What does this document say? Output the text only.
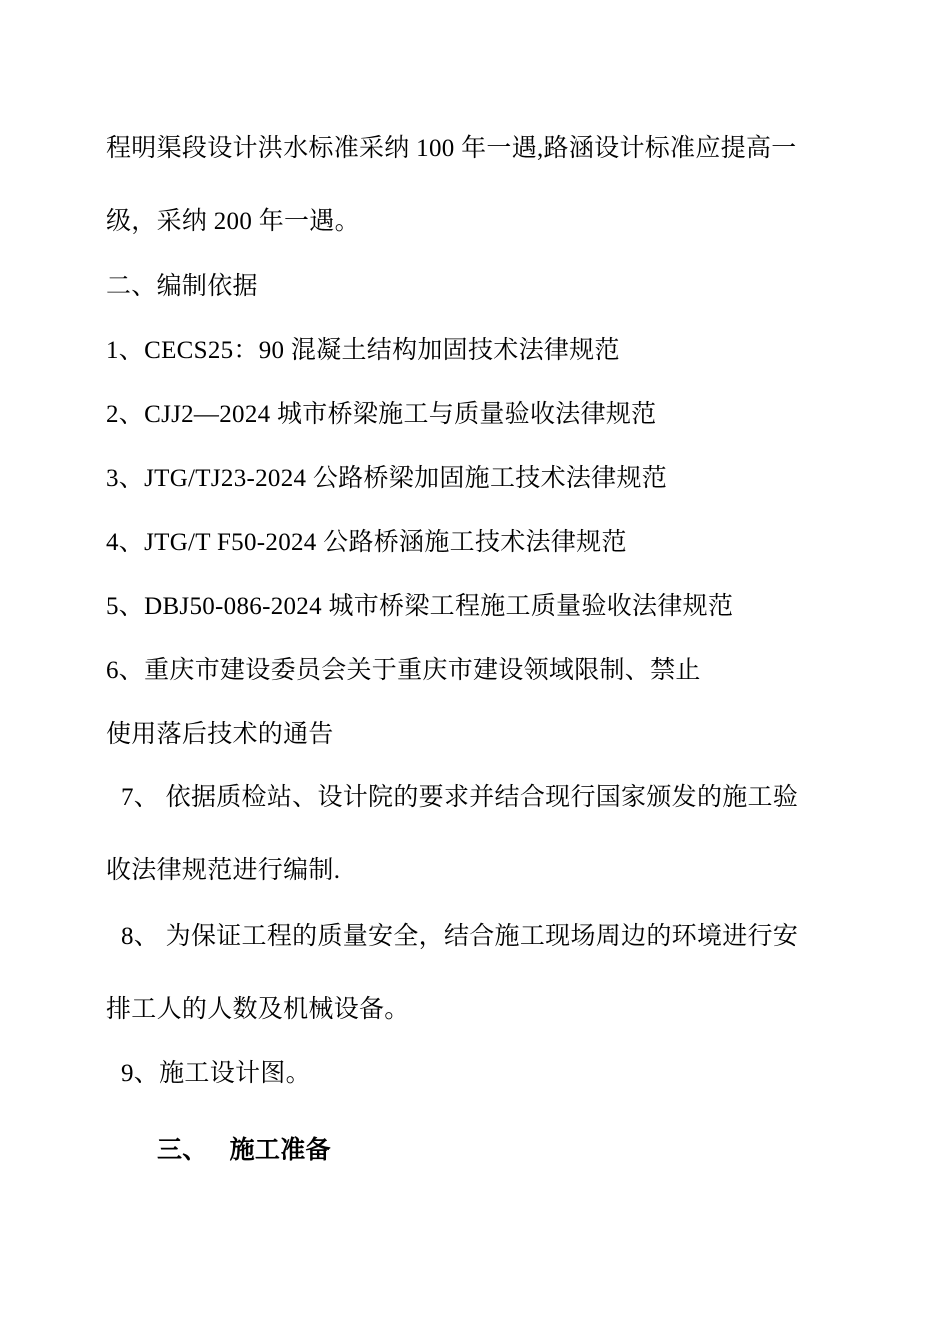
程明渠段设计洪水标准采纳 100 年一遇,路涵设计标准应提高一
级，采纳 200 年一遇。
二、编制依据
1、CECS25：90 混凝土结构加固技术法律规范
2、CJJ2—2024 城市桥梁施工与质量验收法律规范
3、JTG/TJ23-2024 公路桥梁加固施工技术法律规范
4、JTG/T F50-2024 公路桥涵施工技术法律规范
5、DBJ50-086-2024 城市桥梁工程施工质量验收法律规范
6、重庆市建设委员会关于重庆市建设领域限制、禁止
使用落后技术的通告
7、 依据质检站、设计院的要求并结合现行国家颁发的施工验
收法律规范进行编制.
8、 为保证工程的质量安全，结合施工现场周边的环境进行安
排工人的人数及机械设备。
9、施工设计图。
三、 施工准备
